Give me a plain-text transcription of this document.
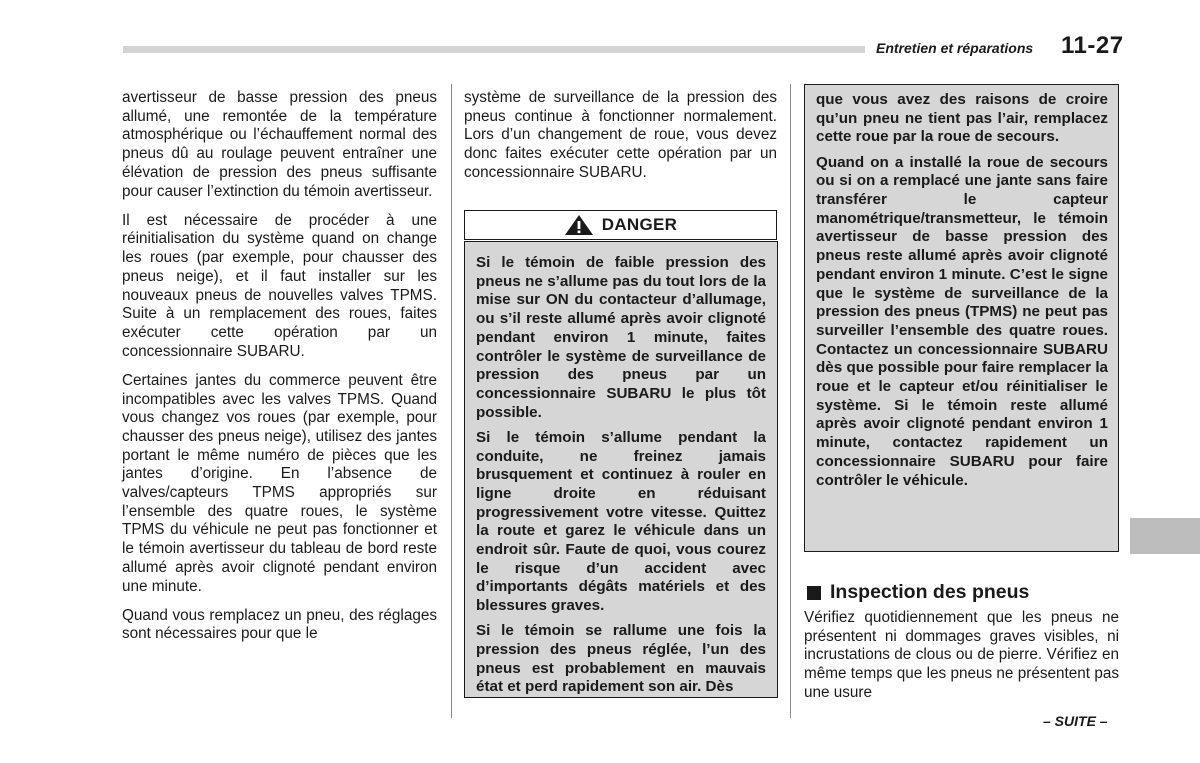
Entretien et réparations 11-27

avertisseur de basse pression des pneus allumé, une remontée de la température atmosphérique ou l’échauffement normal des pneus dû au roulage peuvent entraîner une élévation de pression des pneus suffisante pour causer l’extinction du témoin avertisseur.

Il est nécessaire de procéder à une réinitialisation du système quand on change les roues (par exemple, pour chausser des pneus neige), et il faut installer sur les nouveaux pneus de nouvelles valves TPMS. Suite à un remplacement des roues, faites exécuter cette opération par un concessionnaire SUBARU.

Certaines jantes du commerce peuvent être incompatibles avec les valves TPMS. Quand vous changez vos roues (par exemple, pour chausser des pneus neige), utilisez des jantes portant le même numéro de pièces que les jantes d’origine. En l’absence de valves/capteurs TPMS appropriés sur l’ensemble des quatre roues, le système TPMS du véhicule ne peut pas fonctionner et le témoin avertisseur du tableau de bord reste allumé après avoir clignoté pendant environ une minute.

Quand vous remplacez un pneu, des réglages sont nécessaires pour que le

système de surveillance de la pression des pneus continue à fonctionner normalement. Lors d’un changement de roue, vous devez donc faites exécuter cette opération par un concessionnaire SUBARU.

DANGER

Si le témoin de faible pression des pneus ne s’allume pas du tout lors de la mise sur ON du contacteur d’allumage, ou s’il reste allumé après avoir clignoté pendant environ 1 minute, faites contrôler le système de surveillance de pression des pneus par un concessionnaire SUBARU le plus tôt possible.

Si le témoin s’allume pendant la conduite, ne freinez jamais brusquement et continuez à rouler en ligne droite en réduisant progressivement votre vitesse. Quittez la route et garez le véhicule dans un endroit sûr. Faute de quoi, vous courez le risque d’un accident avec d’importants dégâts matériels et des blessures graves.

Si le témoin se rallume une fois la pression des pneus réglée, l’un des pneus est probablement en mauvais état et perd rapidement son air. Dès

que vous avez des raisons de croire qu’un pneu ne tient pas l’air, remplacez cette roue par la roue de secours.

Quand on a installé la roue de secours ou si on a remplacé une jante sans faire transférer le capteur manométrique/transmetteur, le témoin avertisseur de basse pression des pneus reste allumé après avoir clignoté pendant environ 1 minute. C’est le signe que le système de surveillance de la pression des pneus (TPMS) ne peut pas surveiller l’ensemble des quatre roues. Contactez un concessionnaire SUBARU dès que possible pour faire remplacer la roue et le capteur et/ou réinitialiser le système. Si le témoin reste allumé après avoir clignoté pendant environ 1 minute, contactez rapidement un concessionnaire SUBARU pour faire contrôler le véhicule.

Inspection des pneus

Vérifiez quotidiennement que les pneus ne présentent ni dommages graves visibles, ni incrustations de clous ou de pierre. Vérifiez en même temps que les pneus ne présentent pas une usure

– SUITE –
